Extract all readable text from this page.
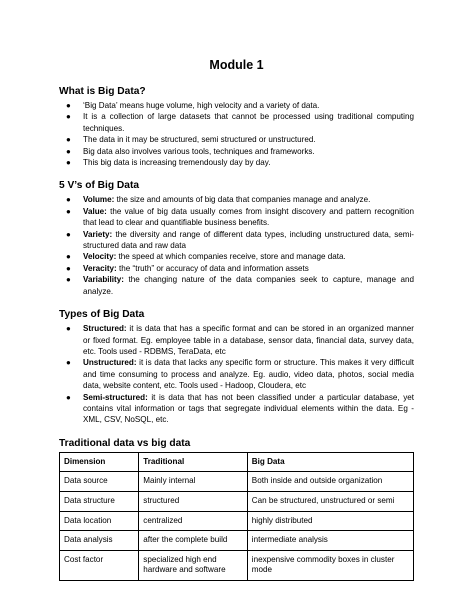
Module 1
What is Big Data?
● ‘Big Data’ means huge volume, high velocity and a variety of data.
● It is a collection of large datasets that cannot be processed using traditional computing techniques.
● The data in it may be structured, semi structured or unstructured.
● Big data also involves various tools, techniques and frameworks.
● This big data is increasing tremendously day by day.
5 V’s of Big Data
● Volume: the size and amounts of big data that companies manage and analyze.
● Value: the value of big data usually comes from insight discovery and pattern recognition that lead to clear and quantifiable business benefits.
● Variety: the diversity and range of different data types, including unstructured data, semi-structured data and raw data
● Velocity: the speed at which companies receive, store and manage data.
● Veracity: the “truth” or accuracy of data and information assets
● Variability: the changing nature of the data companies seek to capture, manage and analyze.
Types of Big Data
● Structured: it is data that has a specific format and can be stored in an organized manner or fixed format. Eg. employee table in a database, sensor data, financial data, survey data, etc. Tools used - RDBMS, TeraData, etc
● Unstructured: it is data that lacks any specific form or structure. This makes it very difficult and time consuming to process and analyze. Eg. audio, video data, photos, social media data, website content, etc. Tools used - Hadoop, Cloudera, etc
● Semi-structured: it is data that has not been classified under a particular database, yet contains vital information or tags that segregate individual elements within the data. Eg - XML, CSV, NoSQL, etc.
Traditional data vs big data
Dimension	Traditional	Big Data
Data source	Mainly internal	Both inside and outside organization
Data structure	structured	Can be structured, unstructured or semi
Data location	centralized	highly distributed
Data analysis	after the complete build	intermediate analysis
Cost factor	specialized high end hardware and software	inexpensive commodity boxes in cluster mode
